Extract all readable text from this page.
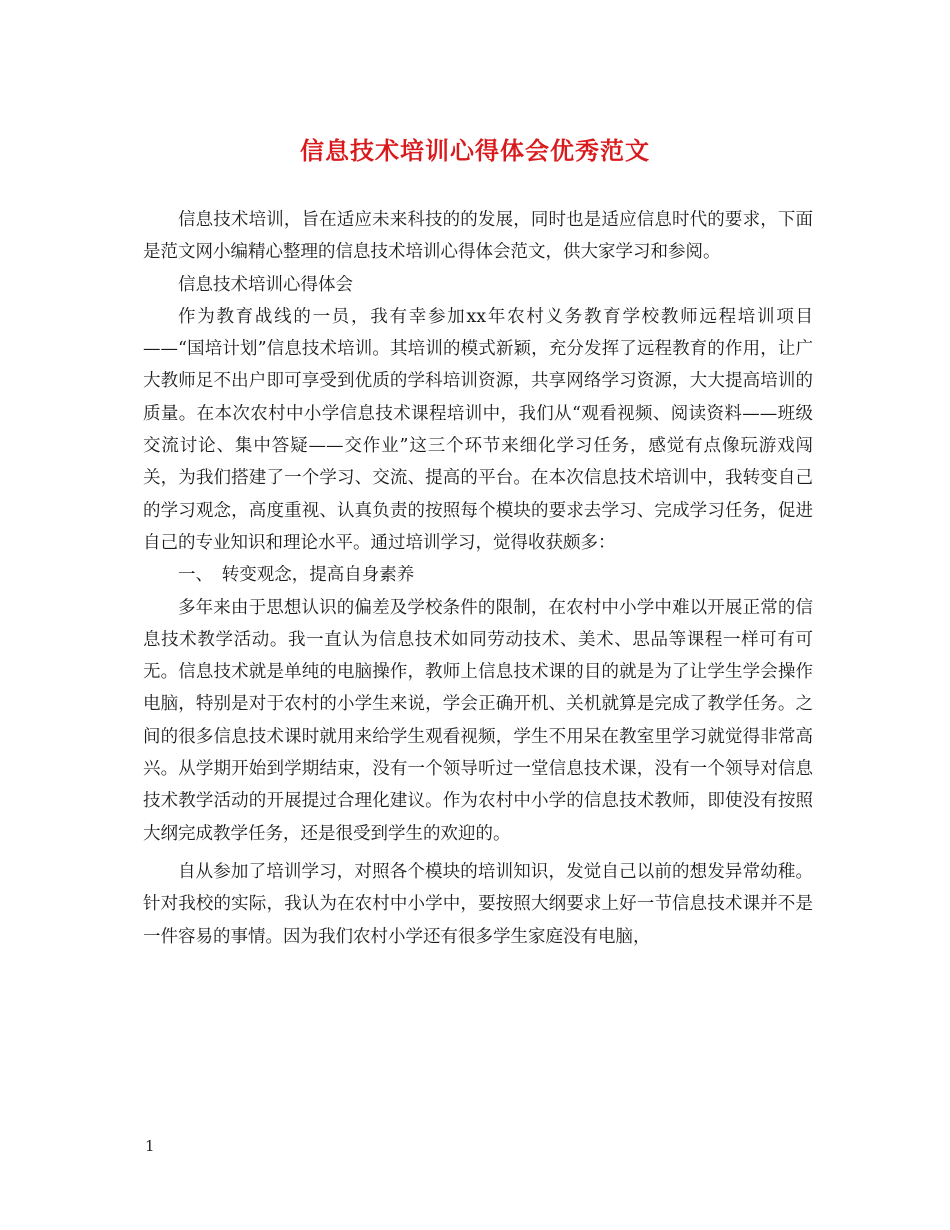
信息技术培训心得体会优秀范文

信息技术培训，旨在适应未来科技的的发展，同时也是适应信息时代的要求，下面是范文网小编精心整理的信息技术培训心得体会范文，供大家学习和参阅。

信息技术培训心得体会

作为教育战线的一员，我有幸参加xx年农村义务教育学校教师远程培训项目——“国培计划”信息技术培训。其培训的模式新颖，充分发挥了远程教育的作用，让广大教师足不出户即可享受到优质的学科培训资源，共享网络学习资源，大大提高培训的质量。在本次农村中小学信息技术课程培训中，我们从“观看视频、阅读资料——班级交流讨论、集中答疑——交作业”这三个环节来细化学习任务，感觉有点像玩游戏闯关，为我们搭建了一个学习、交流、提高的平台。在本次信息技术培训中，我转变自己的学习观念，高度重视、认真负责的按照每个模块的要求去学习、完成学习任务，促进自己的专业知识和理论水平。通过培训学习，觉得收获颇多：

一、　转变观念，提高自身素养

多年来由于思想认识的偏差及学校条件的限制，在农村中小学中难以开展正常的信息技术教学活动。我一直认为信息技术如同劳动技术、美术、思品等课程一样可有可无。信息技术就是单纯的电脑操作，教师上信息技术课的目的就是为了让学生学会操作电脑，特别是对于农村的小学生来说，学会正确开机、关机就算是完成了教学任务。之间的很多信息技术课时就用来给学生观看视频，学生不用呆在教室里学习就觉得非常高兴。从学期开始到学期结束，没有一个领导听过一堂信息技术课，没有一个领导对信息技术教学活动的开展提过合理化建议。作为农村中小学的信息技术教师，即使没有按照大纲完成教学任务，还是很受到学生的欢迎的。

自从参加了培训学习，对照各个模块的培训知识，发觉自己以前的想发异常幼稚。针对我校的实际，我认为在农村中小学中，要按照大纲要求上好一节信息技术课并不是一件容易的事情。因为我们农村小学还有很多学生家庭没有电脑，

1
